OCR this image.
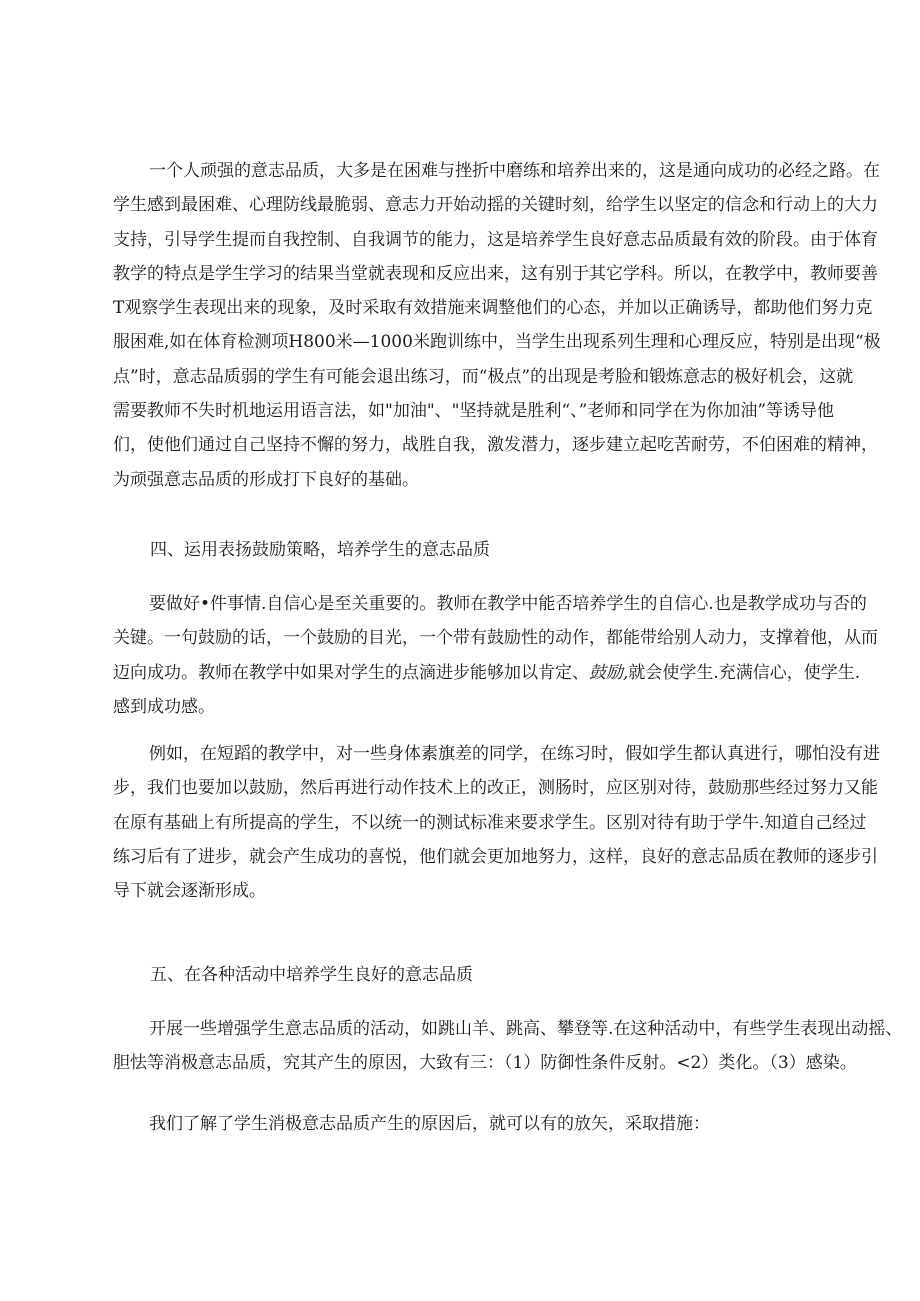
一个人顽强的意志品质，大多是在困难与挫折中磨练和培养出来的，这是通向成功的必经之路。在
学生感到最困难、心理防线最脆弱、意志力开始动摇的关键时刻，给学生以坚定的信念和行动上的大力
支持，引导学生提而自我控制、自我调节的能力，这是培养学生良好意志品质最有效的阶段。由于体育
教学的特点是学生学习的结果当堂就表现和反应出来，这有别于其它学科。所以，在教学中，教师要善
T观察学生表现出来的现象，及时采取有效措施来调整他们的心态，并加以正确诱导，都助他们努力克
服困难,如在体育检测项H800米—1000米跑训练中，当学生出现系列生理和心理反应，特别是出现“极
点”时，意志品质弱的学生有可能会退出练习，而“极点”的出现是考脸和锻炼意志的极好机会，这就
需要教师不失时机地运用语言法，如"加油"、"坚持就是胜利“、”老师和同学在为你加油”等诱导他
们，使他们通过自己坚持不懈的努力，战胜自我，激发潜力，逐步建立起吃苦耐劳，不伯困难的精神，
为顽强意志品质的形成打下良好的基础。

四、运用表扬鼓励策略，培养学生的意志品质

要做好•件事情.自信心是至关重要的。教师在教学中能否培养学生的自信心.也是教学成功与否的
关键。一句鼓励的话，一个鼓励的目光，一个带有鼓励性的动作，都能带给别人动力，支撑着他，从而
迈向成功。教师在教学中如果对学生的点滴进步能够加以肯定、鼓励,就会使学生.充满信心，使学生.
感到成功感。
例如，在短蹈的教学中，对一些身体素旗差的同学，在练习时，假如学生都认真进行，哪怕没有进
步，我们也要加以鼓励，然后再进行动作技术上的改正，测肠时，应区别对待，鼓励那些经过努力又能
在原有基础上有所提高的学生，不以统一的测试标准来要求学生。区别对待有助于学牛.知道自己经过
练习后有了进步，就会产生成功的喜悦，他们就会更加地努力，这样，良好的意志品质在教师的逐步引
导下就会逐渐形成。

五、在各种活动中培养学生良好的意志品质

开展一些增强学生意志品质的活动，如跳山羊、跳高、攀登等.在这种活动中，有些学生表现出动摇、
胆怯等消极意志品质，究其产生的原因，大致有三：（1）防御性条件反射。<2）类化。（3）感染。
我们了解了学生消极意志品质产生的原因后，就可以有的放矢，采取措施：
